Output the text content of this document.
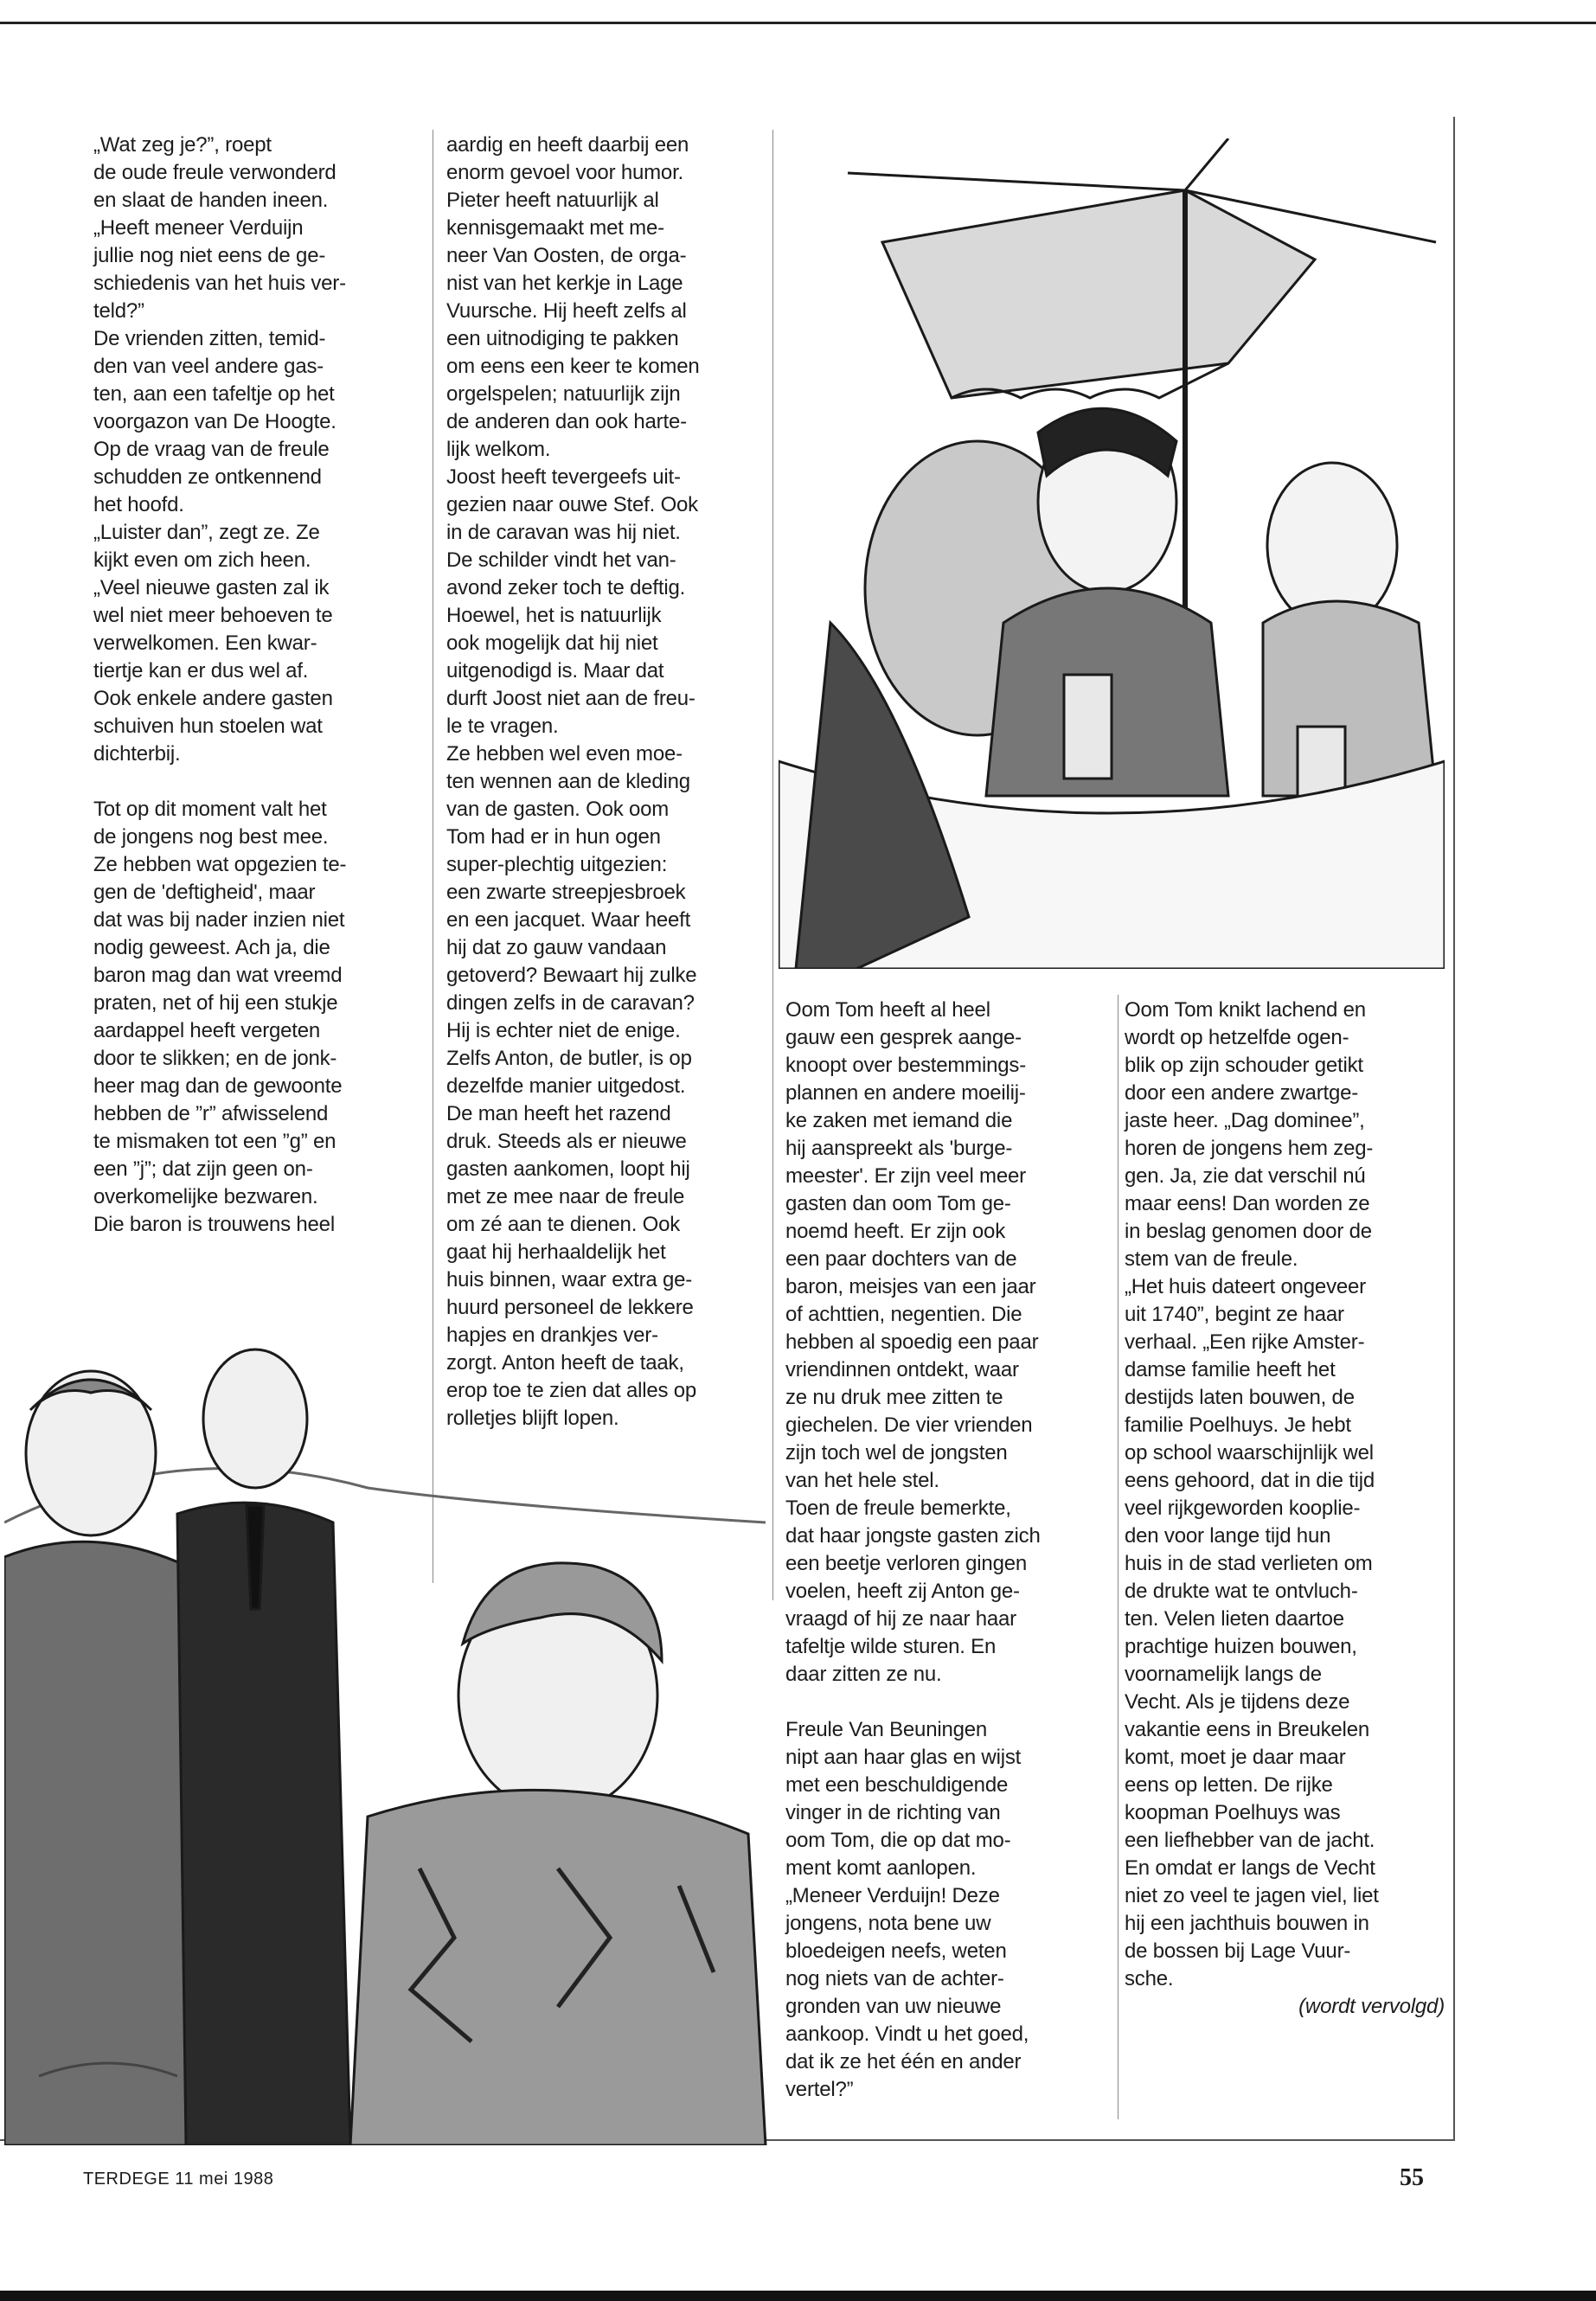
„Wat zeg je?”, roept

de oude freule verwonderd

en slaat de handen ineen.

„Heeft meneer Verduijn

jullie nog niet eens de ge-

schiedenis van het huis ver-

teld?”

De vrienden zitten, temid-

den van veel andere gas-

ten, aan een tafeltje op het

voorgazon van De Hoogte.

Op de vraag van de freule

schudden ze ontkennend

het hoofd.

„Luister dan”, zegt ze. Ze

kijkt even om zich heen.

„Veel nieuwe gasten zal ik

wel niet meer behoeven te

verwelkomen. Een kwar-

tiertje kan er dus wel af.

Ook enkele andere gasten

schuiven hun stoelen wat

dichterbij.

Tot op dit moment valt het

de jongens nog best mee.

Ze hebben wat opgezien te-

gen de 'deftigheid', maar

dat was bij nader inzien niet

nodig geweest. Ach ja, die

baron mag dan wat vreemd

praten, net of hij een stukje

aardappel heeft vergeten

door te slikken; en de jonk-

heer mag dan de gewoonte

hebben de ”r” afwisselend

te mismaken tot een ”g” en

een ”j”; dat zijn geen on-

overkomelijke bezwaren.

Die baron is trouwens heel

aardig en heeft daarbij een

enorm gevoel voor humor.

Pieter heeft natuurlijk al

kennisgemaakt met me-

neer Van Oosten, de orga-

nist van het kerkje in Lage

Vuursche. Hij heeft zelfs al

een uitnodiging te pakken

om eens een keer te komen

orgelspelen; natuurlijk zijn

de anderen dan ook harte-

lijk welkom.

Joost heeft tevergeefs uit-

gezien naar ouwe Stef. Ook

in de caravan was hij niet.

De schilder vindt het van-

avond zeker toch te deftig.

Hoewel, het is natuurlijk

ook mogelijk dat hij niet

uitgenodigd is. Maar dat

durft Joost niet aan de freu-

le te vragen.

Ze hebben wel even moe-

ten wennen aan de kleding

van de gasten. Ook oom

Tom had er in hun ogen

super-plechtig uitgezien:

een zwarte streepjesbroek

en een jacquet. Waar heeft

hij dat zo gauw vandaan

getoverd? Bewaart hij zulke

dingen zelfs in de caravan?

Hij is echter niet de enige.

Zelfs Anton, de butler, is op

dezelfde manier uitgedost.

De man heeft het razend

druk. Steeds als er nieuwe

gasten aankomen, loopt hij

met ze mee naar de freule

om zé aan te dienen. Ook

gaat hij herhaaldelijk het

huis binnen, waar extra ge-

huurd personeel de lekkere

hapjes en drankjes ver-

zorgt. Anton heeft de taak,

erop toe te zien dat alles op

rolletjes blijft lopen.

Oom Tom heeft al heel

gauw een gesprek aange-

knoopt over bestemmings-

plannen en andere moeilij-

ke zaken met iemand die

hij aanspreekt als 'burge-

meester'. Er zijn veel meer

gasten dan oom Tom ge-

noemd heeft. Er zijn ook

een paar dochters van de

baron, meisjes van een jaar

of achttien, negentien. Die

hebben al spoedig een paar

vriendinnen ontdekt, waar

ze nu druk mee zitten te

giechelen. De vier vrienden

zijn toch wel de jongsten

van het hele stel.

Toen de freule bemerkte,

dat haar jongste gasten zich

een beetje verloren gingen

voelen, heeft zij Anton ge-

vraagd of hij ze naar haar

tafeltje wilde sturen. En

daar zitten ze nu.

Freule Van Beuningen

nipt aan haar glas en wijst

met een beschuldigende

vinger in de richting van

oom Tom, die op dat mo-

ment komt aanlopen.

„Meneer Verduijn! Deze

jongens, nota bene uw

bloedeigen neefs, weten

nog niets van de achter-

gronden van uw nieuwe

aankoop. Vindt u het goed,

dat ik ze het één en ander

vertel?”

Oom Tom knikt lachend en

wordt op hetzelfde ogen-

blik op zijn schouder getikt

door een andere zwartge-

jaste heer. „Dag dominee”,

horen de jongens hem zeg-

gen. Ja, zie dat verschil nú

maar eens! Dan worden ze

in beslag genomen door de

stem van de freule.

„Het huis dateert ongeveer

uit 1740”, begint ze haar

verhaal. „Een rijke Amster-

damse familie heeft het

destijds laten bouwen, de

familie Poelhuys. Je hebt

op school waarschijnlijk wel

eens gehoord, dat in die tijd

veel rijkgeworden kooplie-

den voor lange tijd hun

huis in de stad verlieten om

de drukte wat te ontvluch-

ten. Velen lieten daartoe

prachtige huizen bouwen,

voornamelijk langs de

Vecht. Als je tijdens deze

vakantie eens in Breukelen

komt, moet je daar maar

eens op letten. De rijke

koopman Poelhuys was

een liefhebber van de jacht.

En omdat er langs de Vecht

niet zo veel te jagen viel, liet

hij een jachthuis bouwen in

de bossen bij Lage Vuur-

sche.

(wordt vervolgd)

TERDEGE 11 mei 1988	55
